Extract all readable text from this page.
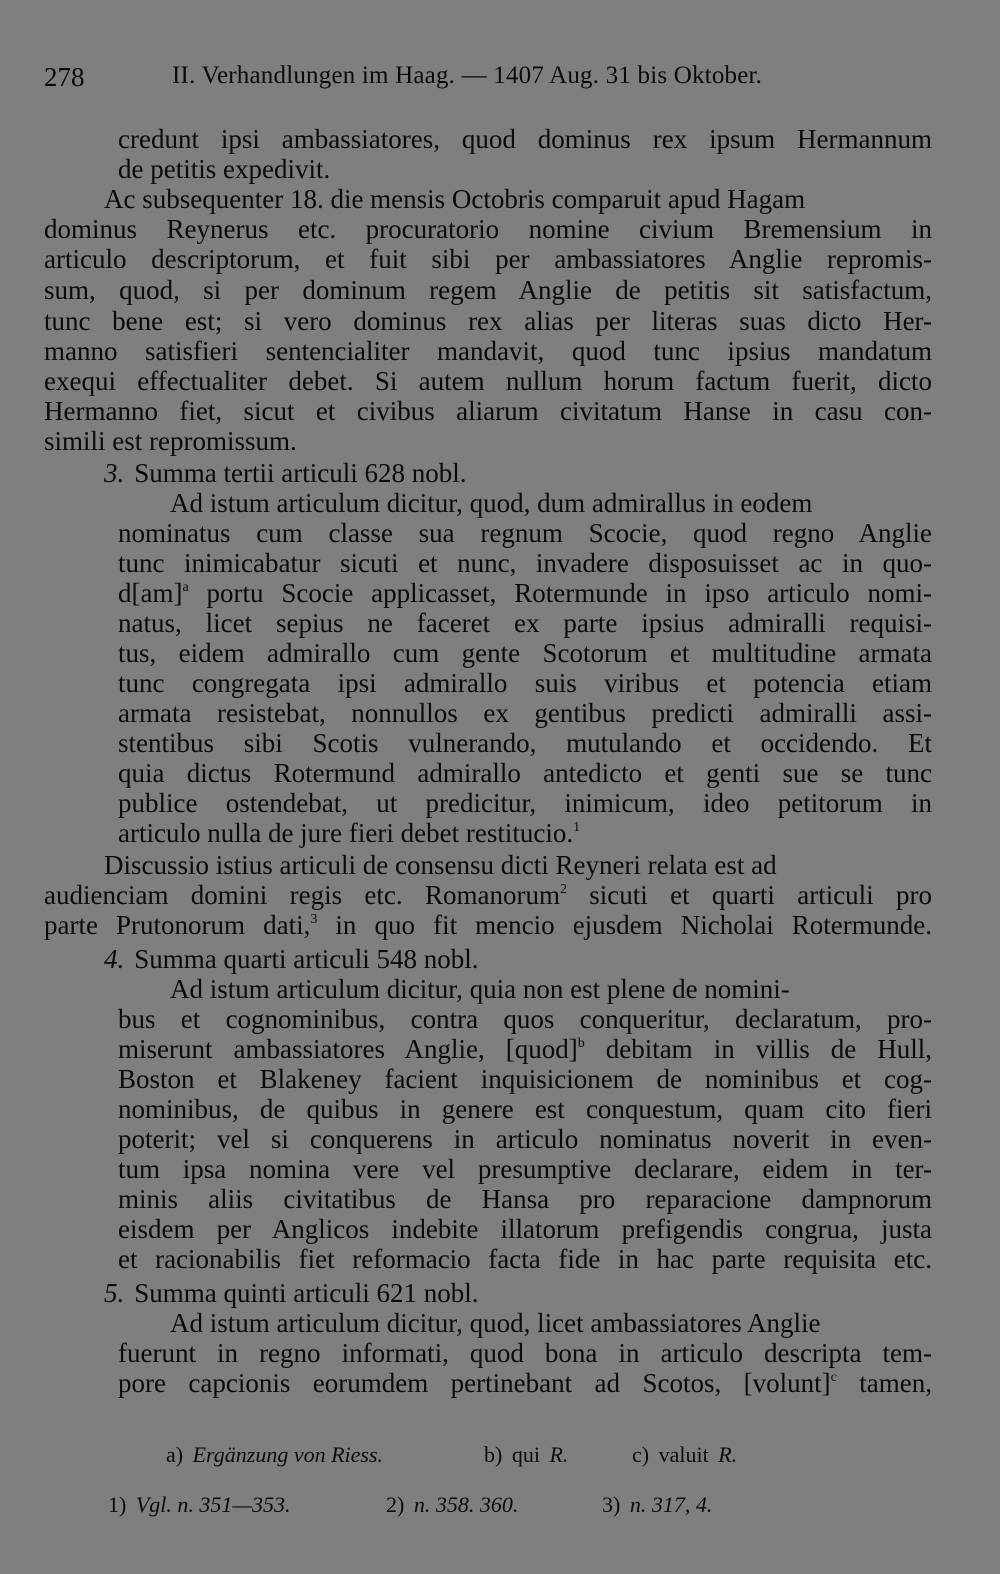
278	II. Verhandlungen im Haag. — 1407 Aug. 31 bis Oktober.
credunt ipsi ambassiatores, quod dominus rex ipsum Hermannum
de petitis expedivit.
Ac subsequenter 18. die mensis Octobris comparuit apud Hagam
dominus Reynerus etc. procuratorio nomine civium Bremensium in
articulo descriptorum, et fuit sibi per ambassiatores Anglie repromis-
sum, quod, si per dominum regem Anglie de petitis sit satisfactum,
tunc bene est; si vero dominus rex alias per literas suas dicto Her-
manno satisfieri sentencialiter mandavit, quod tunc ipsius mandatum
exequi effectualiter debet. Si autem nullum horum factum fuerit, dicto
Hermanno fiet, sicut et civibus aliarum civitatum Hanse in casu con-
simili est repromissum.
3. Summa tertii articuli 628 nobl.
Ad istum articulum dicitur, quod, dum admirallus in eodem
nominatus cum classe sua regnum Scocie, quod regno Anglie
tunc inimicabatur sicuti et nunc, invadere disposuisset ac in quo-
d[am]$^a$ portu Scocie applicasset, Rotermunde in ipso articulo nomi-
natus, licet sepius ne faceret ex parte ipsius admiralli requisi-
tus, eidem admirallo cum gente Scotorum et multitudine armata
tunc congregata ipsi admirallo suis viribus et potencia etiam
armata resistebat, nonnullos ex gentibus predicti admiralli assi-
stentibus sibi Scotis vulnerando, mutulando et occidendo. Et
quia dictus Rotermund admirallo antedicto et genti sue se tunc
publice ostendebat, ut predicitur, inimicum, ideo petitorum in
articulo nulla de jure fieri debet restitucio.$^1$
Discussio istius articuli de consensu dicti Reyneri relata est ad
audienciam domini regis etc. Romanorum$^2$ sicuti et quarti articuli pro
parte Prutonorum dati,$^3$ in quo fit mencio ejusdem Nicholai Rotermunde.
4. Summa quarti articuli 548 nobl.
Ad istum articulum dicitur, quia non est plene de nomini-
bus et cognominibus, contra quos conqueritur, declaratum, pro-
miserunt ambassiatores Anglie, [quod]$^b$ debitam in villis de Hull,
Boston et Blakeney facient inquisicionem de nominibus et cog-
nominibus, de quibus in genere est conquestum, quam cito fieri
poterit; vel si conquerens in articulo nominatus noverit in even-
tum ipsa nomina vere vel presumptive declarare, eidem in ter-
minis aliis civitatibus de Hansa pro reparacione dampnorum
eisdem per Anglicos indebite illatorum prefigendis congrua, justa
et racionabilis fiet reformacio facta fide in hac parte requisita etc.
5. Summa quinti articuli 621 nobl.
Ad istum articulum dicitur, quod, licet ambassiatores Anglie
fuerunt in regno informati, quod bona in articulo descripta tem-
pore capcionis eorumdem pertinebant ad Scotos, [volunt]$^c$ tamen,
a) Ergänzung von Riess.	b) qui R.	c) valuit R.
1) Vgl. n. 351—353.	2) n. 358. 360.	3) n. 317, 4.
